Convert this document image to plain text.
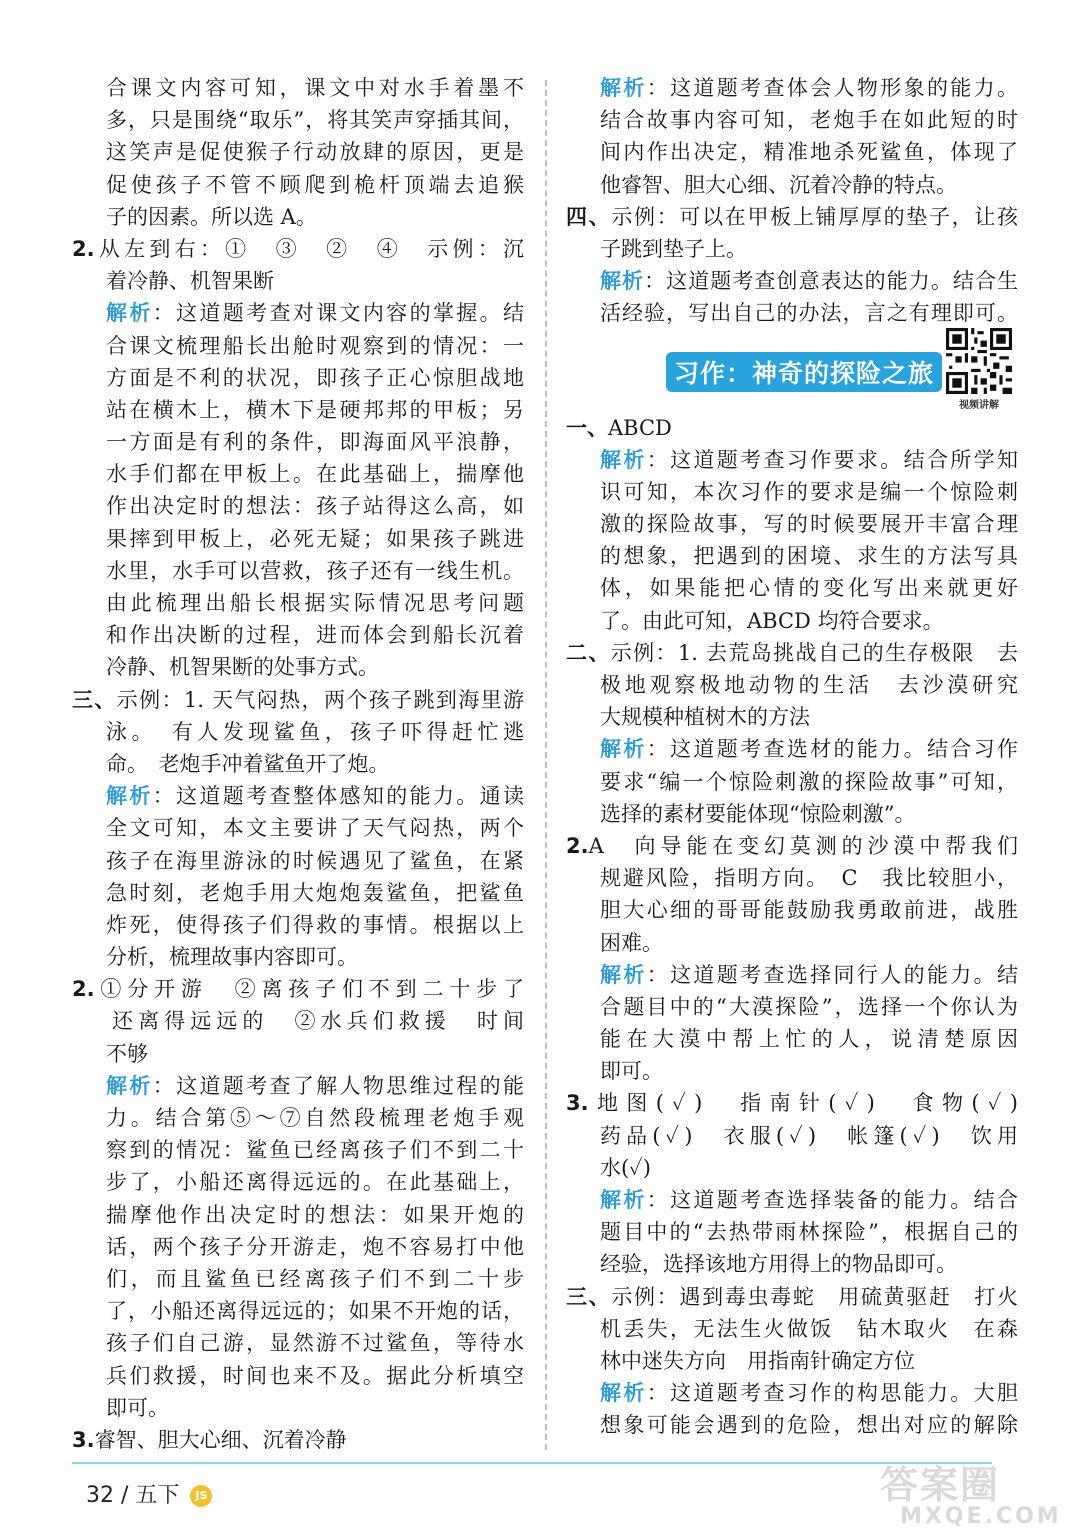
合课文内容可知，课文中对水手着墨不
多，只是围绕“取乐”，将其笑声穿插其间，
这笑声是促使猴子行动放肆的原因，更是
促使孩子不管不顾爬到桅杆顶端去追猴
子的因素。所以选 A。
2.从左到右：①　③　②　④　示例：沉
着冷静、机智果断
解析：这道题考查对课文内容的掌握。结
合课文梳理船长出舱时观察到的情况：一
方面是不利的状况，即孩子正心惊胆战地
站在横木上，横木下是硬邦邦的甲板；另
一方面是有利的条件，即海面风平浪静，
水手们都在甲板上。在此基础上，揣摩他
作出决定时的想法：孩子站得这么高，如
果摔到甲板上，必死无疑；如果孩子跳进
水里，水手可以营救，孩子还有一线生机。
由此梳理出船长根据实际情况思考问题
和作出决断的过程，进而体会到船长沉着
冷静、机智果断的处事方式。
三、示例：1. 天气闷热，两个孩子跳到海里游
泳。　有人发现鲨鱼，孩子吓得赶忙逃
命。　老炮手冲着鲨鱼开了炮。
解析：这道题考查整体感知的能力。通读
全文可知，本文主要讲了天气闷热，两个
孩子在海里游泳的时候遇见了鲨鱼，在紧
急时刻，老炮手用大炮炮轰鲨鱼，把鲨鱼
炸死，使得孩子们得救的事情。根据以上
分析，梳理故事内容即可。
2.①分开游　②离孩子们不到二十步了
还离得远远的　②水兵们救援　时间
不够
解析：这道题考查了解人物思维过程的能
力。结合第⑤～⑦自然段梳理老炮手观
察到的情况：鲨鱼已经离孩子们不到二十
步了，小船还离得远远的。在此基础上，
揣摩他作出决定时的想法：如果开炮的
话，两个孩子分开游走，炮不容易打中他
们，而且鲨鱼已经离孩子们不到二十步
了，小船还离得远远的；如果不开炮的话，
孩子们自己游，显然游不过鲨鱼，等待水
兵们救援，时间也来不及。据此分析填空
即可。
3.睿智、胆大心细、沉着冷静
解析：这道题考查体会人物形象的能力。
结合故事内容可知，老炮手在如此短的时
间内作出决定，精准地杀死鲨鱼，体现了
他睿智、胆大心细、沉着冷静的特点。
四、示例：可以在甲板上铺厚厚的垫子，让孩
子跳到垫子上。
解析：这道题考查创意表达的能力。结合生
活经验，写出自己的办法，言之有理即可。
习作：神奇的探险之旅
视频讲解
一、ABCD
解析：这道题考查习作要求。结合所学知
识可知，本次习作的要求是编一个惊险刺
激的探险故事，写的时候要展开丰富合理
的想象，把遇到的困境、求生的方法写具
体，如果能把心情的变化写出来就更好
了。由此可知，ABCD 均符合要求。
二、示例：1. 去荒岛挑战自己的生存极限　去
极地观察极地动物的生活　去沙漠研究
大规模种植树木的方法
解析：这道题考查选材的能力。结合习作
要求“编一个惊险刺激的探险故事”可知，
选择的素材要能体现“惊险刺激”。
2.A　向导能在变幻莫测的沙漠中帮我们
规避风险，指明方向。　C　我比较胆小，
胆大心细的哥哥能鼓励我勇敢前进，战胜
困难。
解析：这道题考查选择同行人的能力。结
合题目中的“大漠探险”，选择一个你认为
能在大漠中帮上忙的人，说清楚原因
即可。
3.地图(✓)　指南针(✓)　食物(✓)
药品(✓)　衣服(✓)　帐篷(✓)　饮用
水(✓)
解析：这道题考查选择装备的能力。结合
题目中的“去热带雨林探险”，根据自己的
经验，选择该地方用得上的物品即可。
三、示例：遇到毒虫毒蛇　用硫黄驱赶　打火
机丢失，无法生火做饭　钻木取火　在森
林中迷失方向　用指南针确定方位
解析：这道题考查习作的构思能力。大胆
想象可能会遇到的危险，想出对应的解除
32 / 五下 JS	答案圈
MXQE.COM
